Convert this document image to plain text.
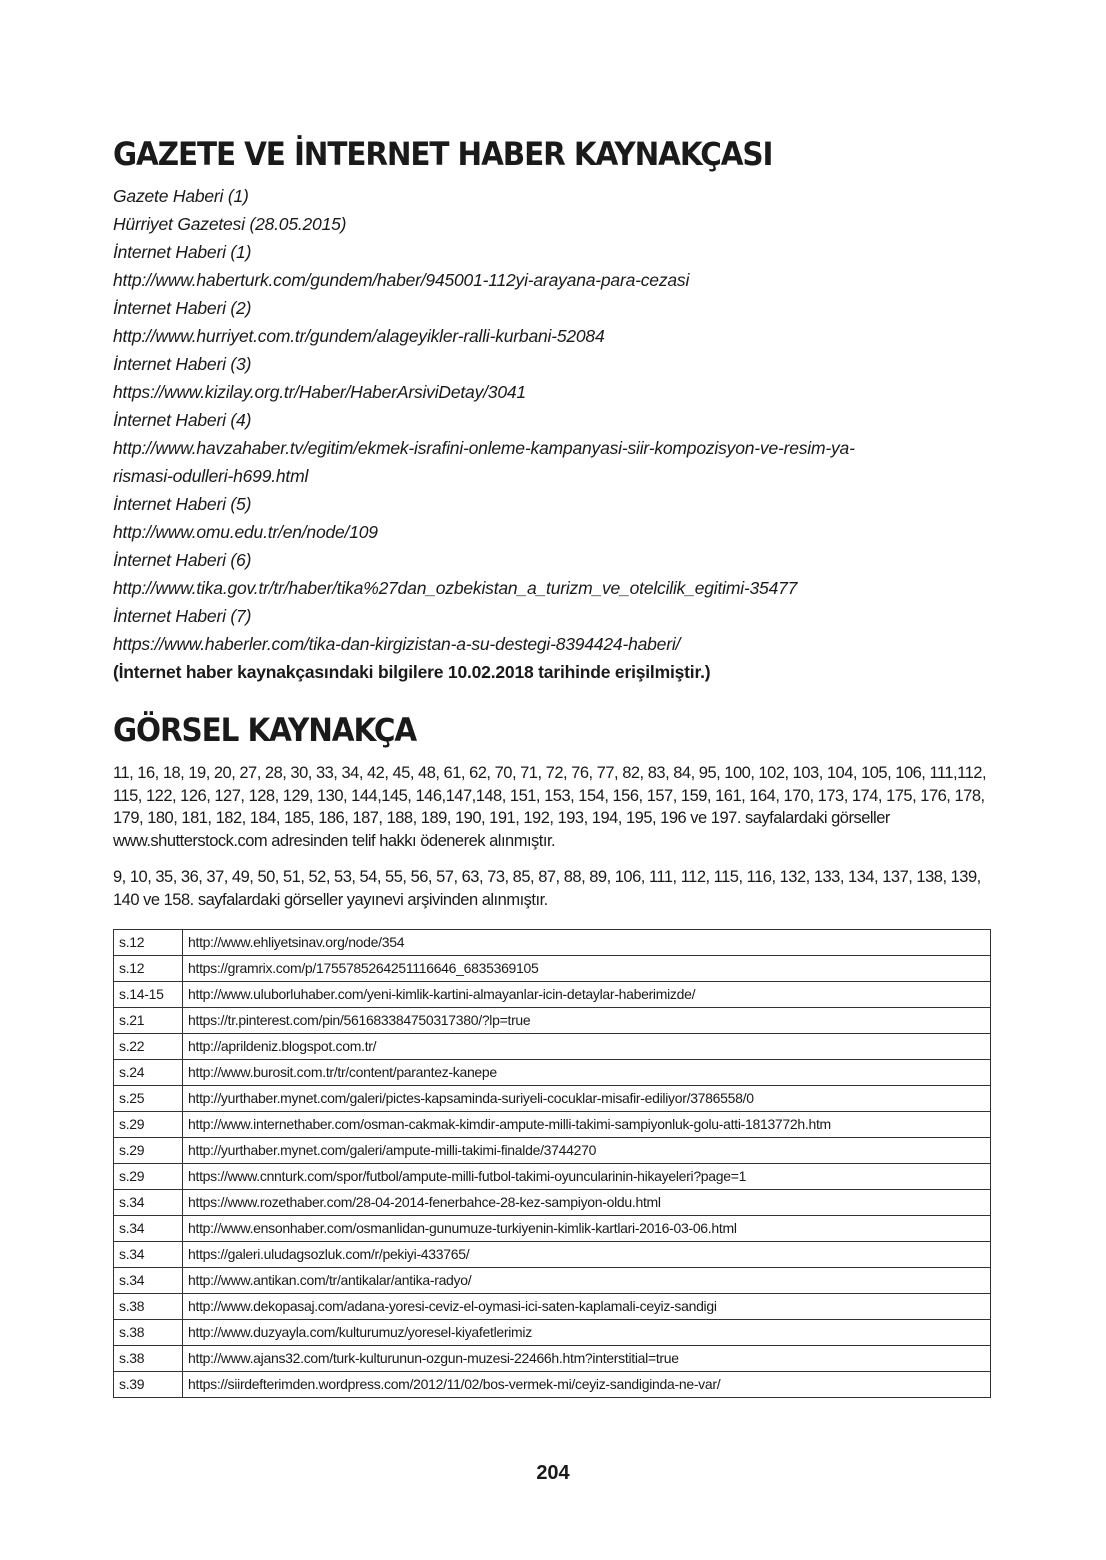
GAZETE VE İNTERNET HABER KAYNAKÇASI
Gazete Haberi (1)
Hürriyet Gazetesi (28.05.2015)
İnternet Haberi (1)
http://www.haberturk.com/gundem/haber/945001-112yi-arayana-para-cezasi
İnternet Haberi (2)
http://www.hurriyet.com.tr/gundem/alageyikler-ralli-kurbani-52084
İnternet Haberi (3)
https://www.kizilay.org.tr/Haber/HaberArsiviDetay/3041
İnternet Haberi (4)
http://www.havzahaber.tv/egitim/ekmek-israfini-onleme-kampanyasi-siir-kompozisyon-ve-resim-ya-
rismasi-odulleri-h699.html
İnternet Haberi (5)
http://www.omu.edu.tr/en/node/109
İnternet Haberi (6)
http://www.tika.gov.tr/tr/haber/tika%27dan_ozbekistan_a_turizm_ve_otelcilik_egitimi-35477
İnternet Haberi (7)
https://www.haberler.com/tika-dan-kirgizistan-a-su-destegi-8394424-haberi/
(İnternet haber kaynakçasındaki bilgilere 10.02.2018 tarihinde erişilmiştir.)
GÖRSEL KAYNAKÇA

11, 16, 18, 19, 20, 27, 28, 30, 33, 34, 42, 45, 48, 61, 62, 70, 71, 72, 76, 77, 82, 83, 84, 95, 100, 102, 103, 104, 105, 106, 111,112, 115, 122, 126, 127, 128, 129, 130, 144,145, 146,147,148, 151, 153, 154, 156, 157, 159, 161, 164, 170, 173, 174, 175, 176, 178, 179, 180, 181, 182, 184, 185, 186, 187, 188, 189, 190, 191, 192, 193, 194, 195, 196 ve 197. sayfalardaki görseller www.shutterstock.com adresinden telif hakkı ödenerek alınmıştır.

9, 10, 35, 36, 37, 49, 50, 51, 52, 53, 54, 55, 56, 57, 63, 73, 85, 87, 88, 89, 106, 111, 112, 115, 116, 132, 133, 134, 137, 138, 139, 140 ve 158. sayfalardaki görseller yayınevi arşivinden alınmıştır.

s.12	http://www.ehliyetsinav.org/node/354
s.12	https://gramrix.com/p/1755785264251116646_6835369105
s.14-15	http://www.uluborluhaber.com/yeni-kimlik-kartini-almayanlar-icin-detaylar-haberimizde/
s.21	https://tr.pinterest.com/pin/561683384750317380/?lp=true
s.22	http://aprildeniz.blogspot.com.tr/
s.24	http://www.burosit.com.tr/tr/content/parantez-kanepe
s.25	http://yurthaber.mynet.com/galeri/pictes-kapsaminda-suriyeli-cocuklar-misafir-ediliyor/3786558/0
s.29	http://www.internethaber.com/osman-cakmak-kimdir-ampute-milli-takimi-sampiyonluk-golu-atti-1813772h.htm
s.29	http://yurthaber.mynet.com/galeri/ampute-milli-takimi-finalde/3744270
s.29	https://www.cnnturk.com/spor/futbol/ampute-milli-futbol-takimi-oyuncularinin-hikayeleri?page=1
s.34	https://www.rozethaber.com/28-04-2014-fenerbahce-28-kez-sampiyon-oldu.html
s.34	http://www.ensonhaber.com/osmanlidan-gunumuze-turkiyenin-kimlik-kartlari-2016-03-06.html
s.34	https://galeri.uludagsozluk.com/r/pekiyi-433765/
s.34	http://www.antikan.com/tr/antikalar/antika-radyo/
s.38	http://www.dekopasaj.com/adana-yoresi-ceviz-el-oymasi-ici-saten-kaplamali-ceyiz-sandigi
s.38	http://www.duzyayla.com/kulturumuz/yoresel-kiyafetlerimiz
s.38	http://www.ajans32.com/turk-kulturunun-ozgun-muzesi-22466h.htm?interstitial=true
s.39	https://siirdefterimden.wordpress.com/2012/11/02/bos-vermek-mi/ceyiz-sandiginda-ne-var/
204
